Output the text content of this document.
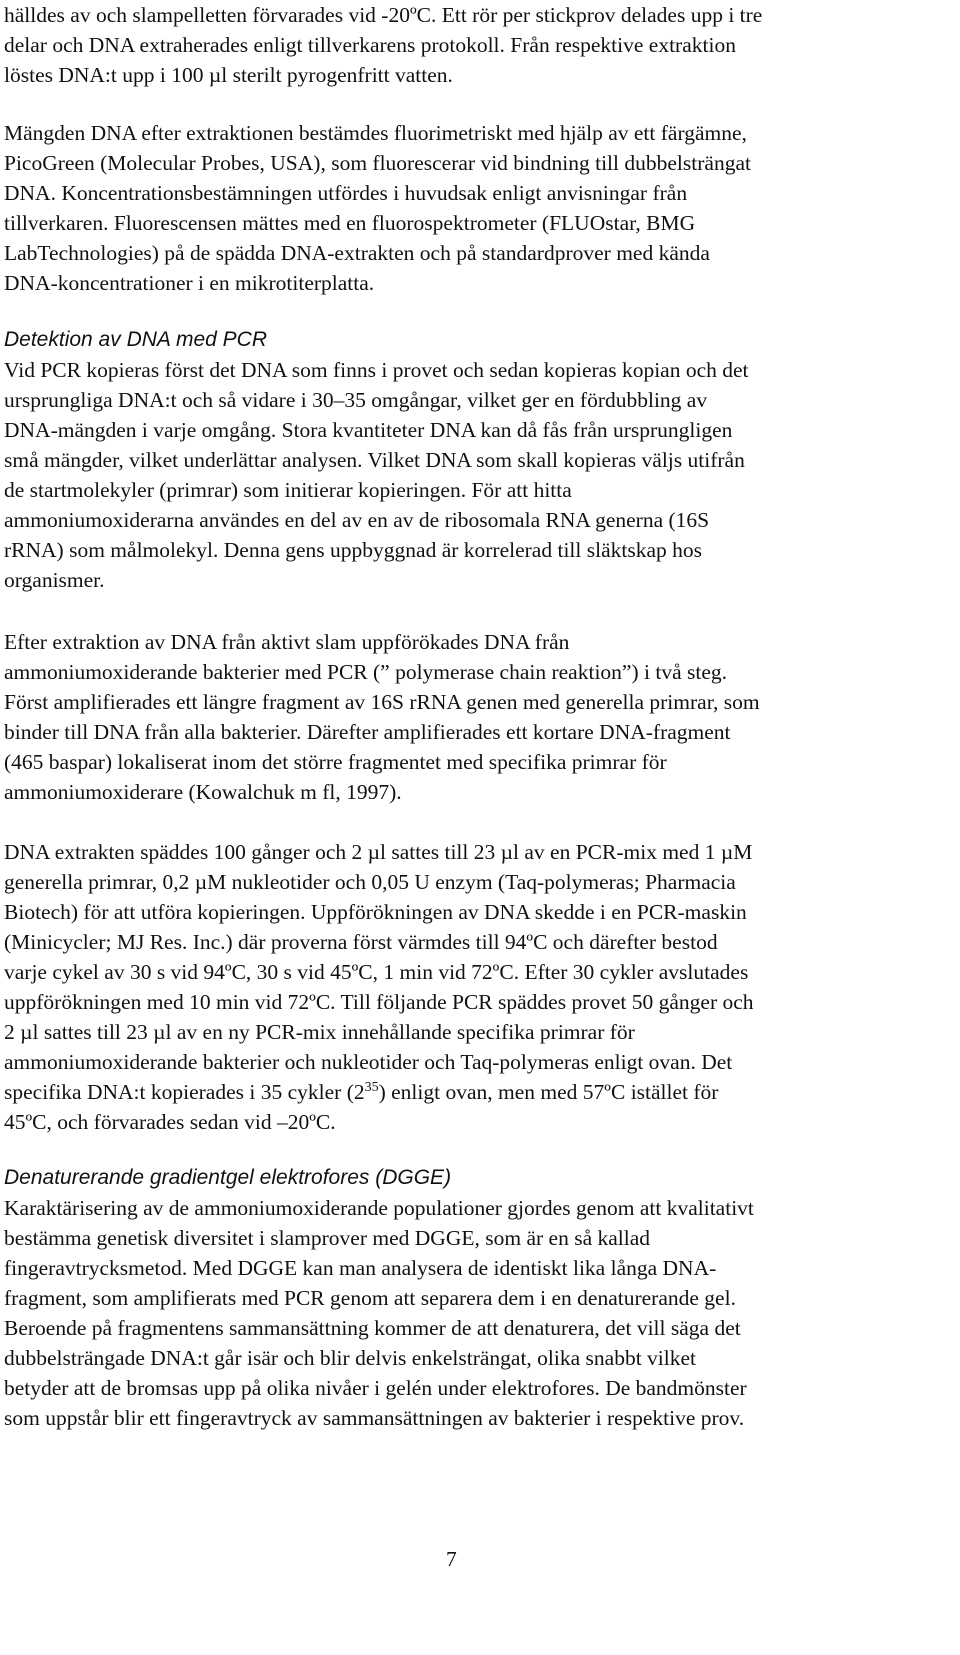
hälldes av och slampelletten förvarades vid -20ºC. Ett rör per stickprov delades upp i tre
delar och DNA extraherades enligt tillverkarens protokoll. Från respektive extraktion
löstes DNA:t upp i 100 µl sterilt pyrogenfritt vatten.
Mängden DNA efter extraktionen bestämdes fluorimetriskt med hjälp av ett färgämne,
PicoGreen (Molecular Probes, USA), som fluorescerar vid bindning till dubbelsträngat
DNA. Koncentrationsbestämningen utfördes i huvudsak enligt anvisningar från
tillverkaren. Fluorescensen mättes med en fluorospektrometer (FLUOstar, BMG
LabTechnologies) på de spädda DNA-extrakten och på standardprover med kända
DNA-koncentrationer i en mikrotiterplatta.
Detektion av DNA med PCR
Vid PCR kopieras först det DNA som finns i provet och sedan kopieras kopian och det
ursprungliga DNA:t och så vidare i 30–35 omgångar, vilket ger en fördubbling av
DNA-mängden i varje omgång. Stora kvantiteter DNA kan då fås från ursprungligen
små mängder, vilket underlättar analysen. Vilket DNA som skall kopieras väljs utifrån
de startmolekyler (primrar) som initierar kopieringen. För att hitta
ammoniumoxiderarna användes en del av en av de ribosomala RNA generna (16S
rRNA) som målmolekyl. Denna gens uppbyggnad är korrelerad till släktskap hos
organismer.
Efter extraktion av DNA från aktivt slam uppförökades DNA från
ammoniumoxiderande bakterier med PCR (” polymerase chain reaktion”) i två steg.
Först amplifierades ett längre fragment av 16S rRNA genen med generella primrar, som
binder till DNA från alla bakterier. Därefter amplifierades ett kortare DNA-fragment
(465 baspar) lokaliserat inom det större fragmentet med specifika primrar för
ammoniumoxiderare (Kowalchuk m fl, 1997).
DNA extrakten späddes 100 gånger och 2 µl sattes till 23 µl av en PCR-mix med 1 µM
generella primrar, 0,2 µM nukleotider och 0,05 U enzym (Taq-polymeras; Pharmacia
Biotech) för att utföra kopieringen. Uppförökningen av DNA skedde i en PCR-maskin
(Minicycler; MJ Res. Inc.) där proverna först värmdes till 94ºC och därefter bestod
varje cykel av 30 s vid 94ºC, 30 s vid 45ºC, 1 min vid 72ºC. Efter 30 cykler avslutades
uppförökningen med 10 min vid 72ºC. Till följande PCR späddes provet 50 gånger och
2 µl sattes till 23 µl av en ny PCR-mix innehållande specifika primrar för
ammoniumoxiderande bakterier och nukleotider och Taq-polymeras enligt ovan. Det
specifika DNA:t kopierades i 35 cykler $(2^{35})$ enligt ovan, men med 57ºC istället för
45ºC, och förvarades sedan vid –20ºC.
Denaturerande gradientgel elektrofores (DGGE)
Karaktärisering av de ammoniumoxiderande populationer gjordes genom att kvalitativt
bestämma genetisk diversitet i slamprover med DGGE, som är en så kallad
fingeravtrycksmetod. Med DGGE kan man analysera de identiskt lika långa DNA-
fragment, som amplifierats med PCR genom att separera dem i en denaturerande gel.
Beroende på fragmentens sammansättning kommer de att denaturera, det vill säga det
dubbelsträngade DNA:t går isär och blir delvis enkelsträngat, olika snabbt vilket
betyder att de bromsas upp på olika nivåer i gelén under elektrofores. De bandmönster
som uppstår blir ett fingeravtryck av sammansättningen av bakterier i respektive prov.
7
